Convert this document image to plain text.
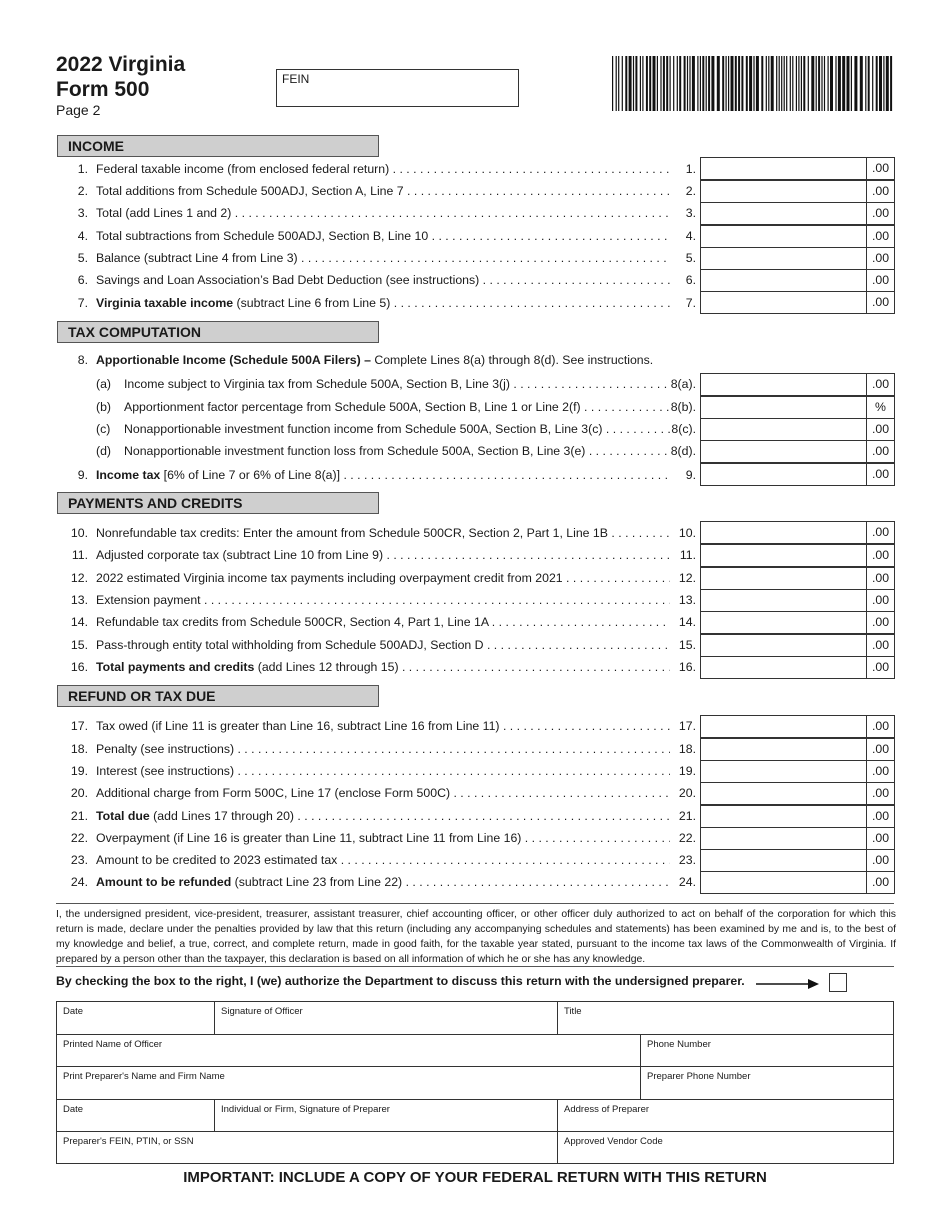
2022 Virginia
Form 500
Page 2
FEIN
INCOME
1. Federal taxable income (from enclosed federal return) . . .	1.	.00
2. Total additions from Schedule 500ADJ, Section A, Line 7 . . .	2.	.00
3. Total (add Lines 1 and 2) . . .	3.	.00
4. Total subtractions from Schedule 500ADJ, Section B, Line 10 . . .	4.	.00
5. Balance (subtract Line 4 from Line 3) . . .	5.	.00
6. Savings and Loan Association’s Bad Debt Deduction (see instructions) . . .	6.	.00
7. Virginia taxable income (subtract Line 6 from Line 5) . . .	7.	.00
TAX COMPUTATION
8. Apportionable Income (Schedule 500A Filers) – Complete Lines 8(a) through 8(d). See instructions.
(a) Income subject to Virginia tax from Schedule 500A, Section B, Line 3(j) . . .	8(a).	.00
(b) Apportionment factor percentage from Schedule 500A, Section B, Line 1 or Line 2(f) . . .	8(b).	%
(c) Nonapportionable investment function income from Schedule 500A, Section B, Line 3(c) . . .	8(c).	.00
(d) Nonapportionable investment function loss from Schedule 500A, Section B, Line 3(e) . . .	8(d).	.00
9. Income tax [6% of Line 7 or 6% of Line 8(a)] . . .	9.	.00
PAYMENTS AND CREDITS
10. Nonrefundable tax credits: Enter the amount from Schedule 500CR, Section 2, Part 1, Line 1B . . .	10.	.00
11. Adjusted corporate tax (subtract Line 10 from Line 9) . . .	11.	.00
12. 2022 estimated Virginia income tax payments including overpayment credit from 2021 . . .	12.	.00
13. Extension payment . . .	13.	.00
14. Refundable tax credits from Schedule 500CR, Section 4, Part 1, Line 1A . . .	14.	.00
15. Pass-through entity total withholding from Schedule 500ADJ, Section D . . .	15.	.00
16. Total payments and credits (add Lines 12 through 15) . . .	16.	.00
REFUND OR TAX DUE
17. Tax owed (if Line 11 is greater than Line 16, subtract Line 16 from Line 11) . . .	17.	.00
18. Penalty (see instructions) . . .	18.	.00
19. Interest (see instructions) . . .	19.	.00
20. Additional charge from Form 500C, Line 17 (enclose Form 500C) . . .	20.	.00
21. Total due (add Lines 17 through 20) . . .	21.	.00
22. Overpayment (if Line 16 is greater than Line 11, subtract Line 11 from Line 16) . . .	22.	.00
23. Amount to be credited to 2023 estimated tax . . .	23.	.00
24. Amount to be refunded (subtract Line 23 from Line 22) . . .	24.	.00
I, the undersigned president, vice-president, treasurer, assistant treasurer, chief accounting officer, or other officer duly authorized to act on behalf of the corporation for which this return is made, declare under the penalties provided by law that this return (including any accompanying schedules and statements) has been examined by me and is, to the best of my knowledge and belief, a true, correct, and complete return, made in good faith, for the taxable year stated, pursuant to the income tax laws of the Commonwealth of Virginia. If prepared by a person other than the taxpayer, this declaration is based on all information of which he or she has any knowledge.
By checking the box to the right, I (we) authorize the Department to discuss this return with the undersigned preparer.
Date	Signature of Officer	Title
Printed Name of Officer	Phone Number
Print Preparer's Name and Firm Name	Preparer Phone Number
Date	Individual or Firm, Signature of Preparer	Address of Preparer
Preparer's FEIN, PTIN, or SSN	Approved Vendor Code
IMPORTANT: INCLUDE A COPY OF YOUR FEDERAL RETURN WITH THIS RETURN
